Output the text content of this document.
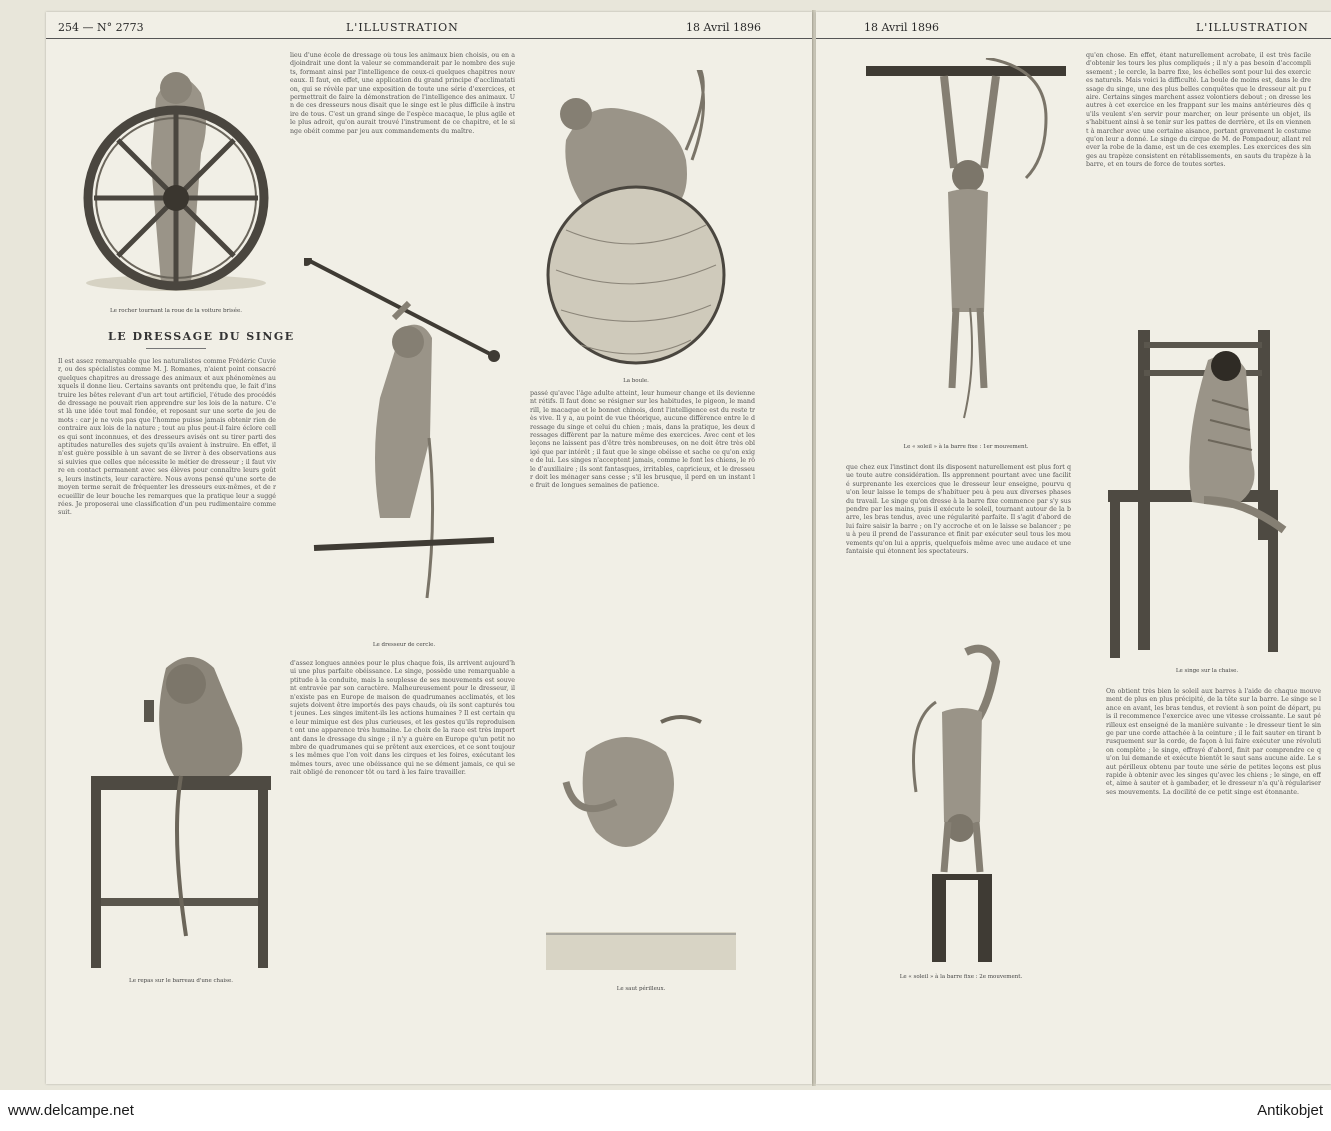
254 — N° 2773	L'ILLUSTRATION	18 Avril 1896
Le rocher tournant la roue de la voiture brisée.
LE DRESSAGE DU SINGE
Il est assez remarquable que les naturalistes comme Frédéric Cuvier, ou des spécialistes comme M. J. Romanes, n'aient point consacré quelques chapitres au dressage des animaux et aux phénomènes auxquels il donne lieu. Certains savants ont prétendu que, le fait d'instruire les bêtes relevant d'un art tout artificiel, l'étude des procédés de dressage ne pouvait rien apprendre sur les lois de la nature. C'est là une idée tout mal fondée, et reposant sur une sorte de jeu de mots : car je ne vois pas que l'homme puisse jamais obtenir rien de contraire aux lois de la nature ; tout au plus peut-il faire éclore celles qui sont inconnues, et des dresseurs avisés ont su tirer parti des aptitudes naturelles des sujets qu'ils avaient à instruire. En effet, il n'est guère possible à un savant de se livrer à des observations aussi suivies que celles que nécessite le métier de dresseur ; il faut vivre en contact permanent avec ses élèves pour connaître leurs goûts, leurs instincts, leur caractère. Nous avons pensé qu'une sorte de moyen terme serait de fréquenter les dresseurs eux-mêmes, et de recueillir de leur bouche les remarques que la pratique leur a suggérées. Je proposerai une classification d'un peu rudimentaire comme suit.
Le repas sur le barreau d'une chaise.
lieu d'une école de dressage où tous les animaux bien choisis, ou en adjoindrait une dont la valeur se commanderait par le nombre des sujets, formant ainsi par l'intelligence de ceux-ci quelques chapitres nouveaux. Il faut, en effet, une application du grand principe d'acclimatation, qui se révèle par une exposition de toute une série d'exercices, et permettrait de faire la démonstration de l'intelligence des animaux. Un de ces dresseurs nous disait que le singe est le plus difficile à instruire de tous. C'est un grand singe de l'espèce macaque, le plus agile et le plus adroit, qu'on aurait trouvé l'instrument de ce chapitre, et le singe obéit comme par jeu aux commandements du maître.
Le dresseur de cercle.
d'assez longues années pour le plus chaque fois, ils arrivent aujourd'hui une plus parfaite obéissance. Le singe, possède une remarquable aptitude à la conduite, mais la souplesse de ses mouvements est souvent entravée par son caractère. Malheureusement pour le dresseur, il n'existe pas en Europe de maison de quadrumanes acclimatés, et les sujets doivent être importés des pays chauds, où ils sont capturés tout jeunes. Les singes imitent-ils les actions humaines ? Il est certain que leur mimique est des plus curieuses, et les gestes qu'ils reproduisent ont une apparence très humaine. Le choix de la race est très important dans le dressage du singe ; il n'y a guère en Europe qu'un petit nombre de quadrumanes qui se prêtent aux exercices, et ce sont toujours les mêmes que l'on voit dans les cirques et les foires, exécutant les mêmes tours, avec une obéissance qui ne se dément jamais, ce qui serait obligé de renoncer tôt ou tard à les faire travailler.
La boule.
passé qu'avec l'âge adulte atteint, leur humeur change et ils deviennent rétifs. Il faut donc se résigner sur les habitudes, le pigeon, le mandrill, le macaque et le bonnet chinois, dont l'intelligence est du reste très vive. Il y a, au point de vue théorique, aucune différence entre le dressage du singe et celui du chien ; mais, dans la pratique, les deux dressages diffèrent par la nature même des exercices. Avec cent et les leçons ne laissent pas d'être très nombreuses, on ne doit être très obligé que par intérêt ; il faut que le singe obéisse et sache ce qu'on exige de lui. Les singes n'acceptent jamais, comme le font les chiens, le rôle d'auxiliaire ; ils sont fantasques, irritables, capricieux, et le dresseur doit les ménager sans cesse ; s'il les brusque, il perd en un instant le fruit de longues semaines de patience.
Le saut périlleux.
18 Avril 1896	L'ILLUSTRATION
Le « soleil » à la barre fixe : 1er mouvement.
qu'en chose. En effet, étant naturellement acrobate, il est très facile d'obtenir les tours les plus compliqués ; il n'y a pas besoin d'accomplissement ; le cercle, la barre fixe, les échelles sont pour lui des exercices naturels. Mais voici la difficulté. La boule de moins est, dans le dressage du singe, une des plus belles conquêtes que le dresseur ait pu faire. Certains singes marchent assez volontiers debout ; on dresse les autres à cet exercice en les frappant sur les mains antérieures dès qu'ils veulent s'en servir pour marcher, on leur présente un objet, ils s'habituent ainsi à se tenir sur les pattes de derrière, et ils en viennent à marcher avec une certaine aisance, portant gravement le costume qu'on leur a donné. Le singe du cirque de M. de Pompadour, allant relever la robe de la dame, est un de ces exemples. Les exercices des singes au trapèze consistent en rétablissements, en sauts du trapèze à la barre, et en tours de force de toutes sortes.
que chez eux l'instinct dont ils disposent naturellement est plus fort que toute autre considération. Ils apprennent pourtant avec une facilité surprenante les exercices que le dresseur leur enseigne, pourvu qu'on leur laisse le temps de s'habituer peu à peu aux diverses phases du travail. Le singe qu'on dresse à la barre fixe commence par s'y suspendre par les mains, puis il exécute le soleil, tournant autour de la barre, les bras tendus, avec une régularité parfaite. Il s'agit d'abord de lui faire saisir la barre ; on l'y accroche et on le laisse se balancer ; peu à peu il prend de l'assurance et finit par exécuter seul tous les mouvements qu'on lui a appris, quelquefois même avec une audace et une fantaisie qui étonnent les spectateurs.
Le singe sur la chaise.
Le « soleil » à la barre fixe : 2e mouvement.
On obtient très bien le soleil aux barres à l'aide de chaque mouvement de plus en plus précipité, de la tête sur la barre. Le singe se lance en avant, les bras tendus, et revient à son point de départ, puis il recommence l'exercice avec une vitesse croissante. Le saut périlleux est enseigné de la manière suivante : le dresseur tient le singe par une corde attachée à la ceinture ; il le fait sauter en tirant brusquement sur la corde, de façon à lui faire exécuter une révolution complète ; le singe, effrayé d'abord, finit par comprendre ce qu'on lui demande et exécute bientôt le saut sans aucune aide. Le saut périlleux obtenu par toute une série de petites leçons est plus rapide à obtenir avec les singes qu'avec les chiens ; le singe, en effet, aime à sauter et à gambader, et le dresseur n'a qu'à régulariser ses mouvements. La docilité de ce petit singe est étonnante.
www.delcampe.net	Antikobjet
